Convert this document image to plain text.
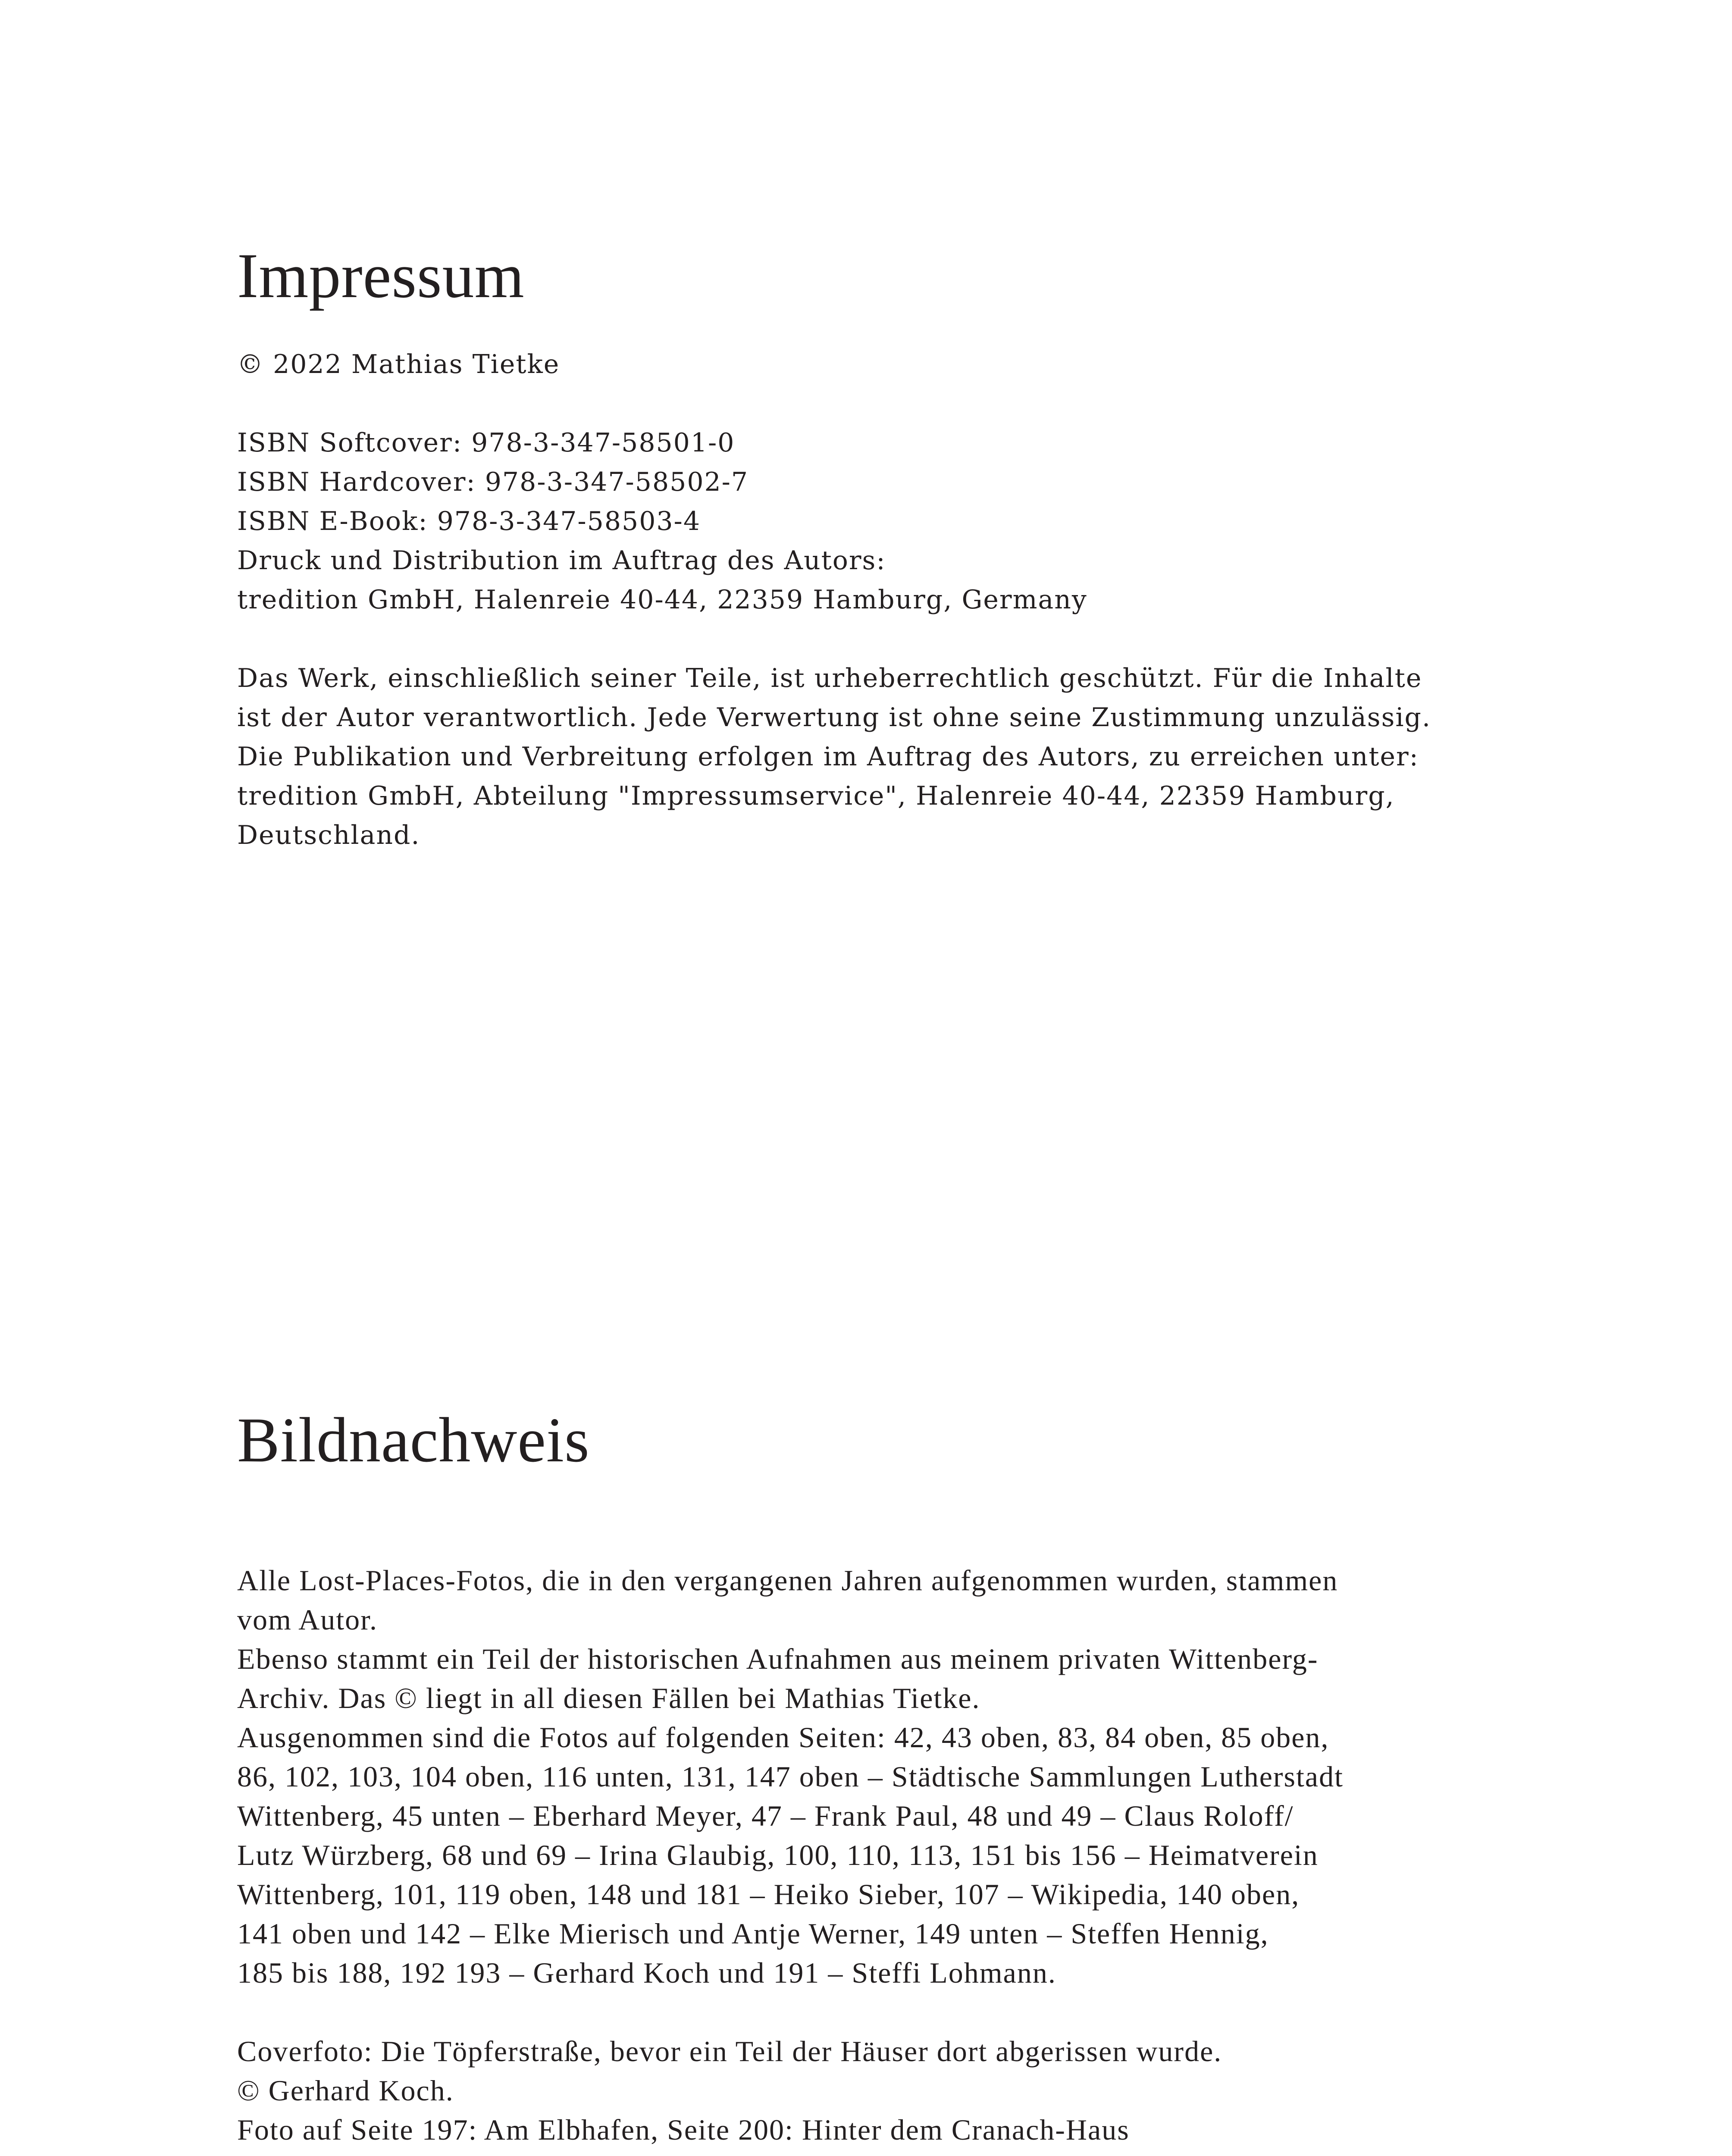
Impressum
© 2022 Mathias Tietke
ISBN Softcover: 978-3-347-58501-0
ISBN Hardcover: 978-3-347-58502-7
ISBN E-Book: 978-3-347-58503-4
Druck und Distribution im Auftrag des Autors:
tredition GmbH, Halenreie 40-44, 22359 Hamburg, Germany
Das Werk, einschließlich seiner Teile, ist urheberrechtlich geschützt. Für die Inhalte
ist der Autor verantwortlich. Jede Verwertung ist ohne seine Zustimmung unzulässig.
Die Publikation und Verbreitung erfolgen im Auftrag des Autors, zu erreichen unter:
tredition GmbH, Abteilung "Impressumservice", Halenreie 40-44, 22359 Hamburg,
Deutschland.
Bildnachweis
Alle Lost-Places-Fotos, die in den vergangenen Jahren aufgenommen wurden, stammen
vom Autor.
Ebenso stammt ein Teil der historischen Aufnahmen aus meinem privaten Wittenberg-
Archiv. Das © liegt in all diesen Fällen bei Mathias Tietke.
Ausgenommen sind die Fotos auf folgenden Seiten: 42, 43 oben, 83, 84 oben, 85 oben,
86, 102, 103, 104 oben, 116 unten, 131, 147 oben – Städtische Sammlungen Lutherstadt
Wittenberg, 45 unten – Eberhard Meyer, 47 – Frank Paul, 48 und 49 – Claus Roloff/
Lutz Würzberg, 68 und 69 – Irina Glaubig, 100, 110, 113, 151 bis 156 – Heimatverein
Wittenberg, 101, 119 oben, 148 und 181 – Heiko Sieber, 107 – Wikipedia, 140 oben,
141 oben und 142 – Elke Mierisch und Antje Werner, 149 unten – Steffen Hennig,
185 bis 188, 192 193 – Gerhard Koch und 191 – Steffi Lohmann.
Coverfoto: Die Töpferstraße, bevor ein Teil der Häuser dort abgerissen wurde.
© Gerhard Koch.
Foto auf Seite 197: Am Elbhafen, Seite 200: Hinter dem Cranach-Haus
